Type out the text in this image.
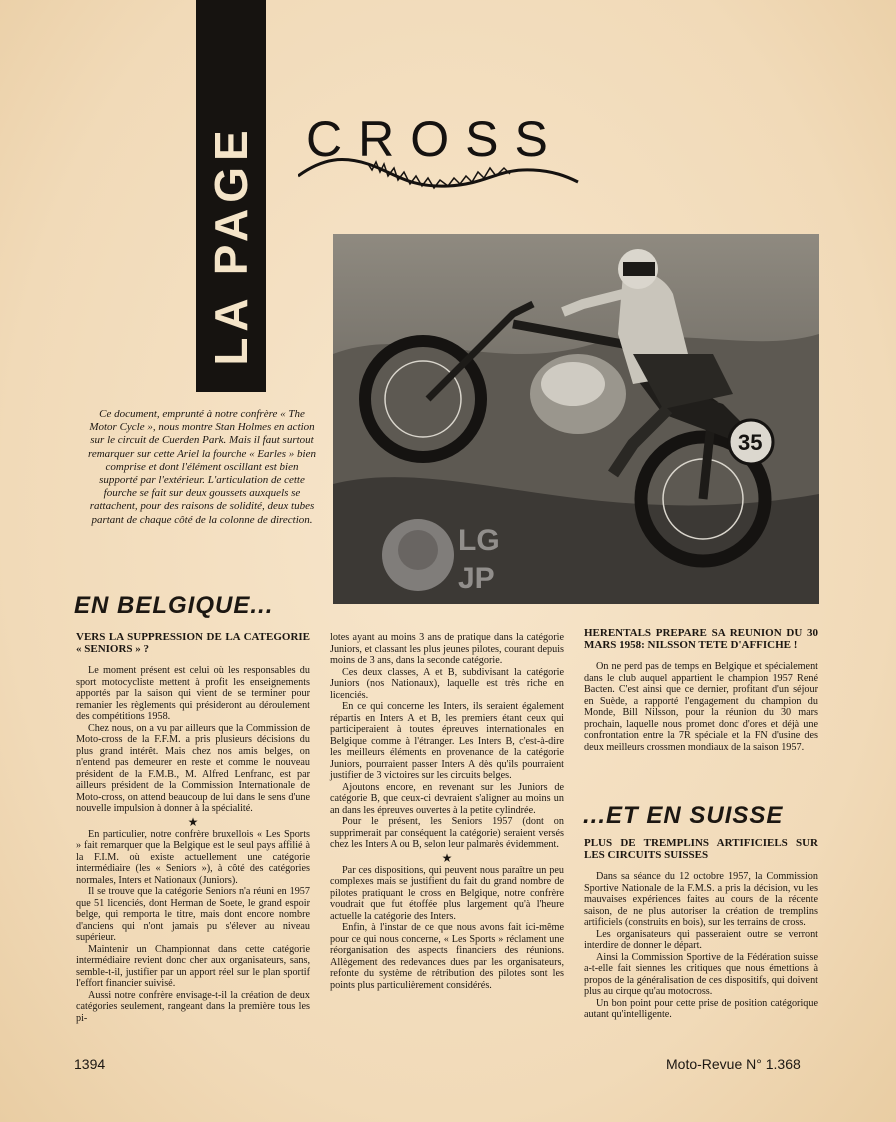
LA PAGE CROSS
35
LG
JP
Ce document, emprunté à notre confrère « The Motor Cycle », nous montre Stan Holmes en action sur le circuit de Cuerden Park. Mais il faut surtout remarquer sur cette Ariel la fourche « Earles » bien comprise et dont l'élément oscillant est bien supporté par l'extérieur. L'articulation de cette fourche se fait sur deux goussets auxquels se rattachent, pour des raisons de solidité, deux tubes partant de chaque côté de la colonne de direction.
EN BELGIQUE...
VERS LA SUPPRESSION DE LA CATEGORIE « SENIORS » ?

Le moment présent est celui où les responsables du sport motocycliste mettent à profit les enseignements apportés par la saison qui vient de se terminer pour remanier les règlements qui présideront au déroulement des compétitions 1958.

Chez nous, on a vu par ailleurs que la Commission de Moto-cross de la F.F.M. a pris plusieurs décisions du plus grand intérêt. Mais chez nos amis belges, on n'entend pas demeurer en reste et comme le nouveau président de la F.M.B., M. Alfred Lenfranc, est par ailleurs président de la Commission Internationale de Moto-cross, on attend beaucoup de lui dans le sens d'une nouvelle impulsion à donner à la spécialité.

★

En particulier, notre confrère bruxellois « Les Sports » fait remarquer que la Belgique est le seul pays affilié à la F.I.M. où existe actuellement une catégorie intermédiaire (les « Seniors »), à côté des catégories normales, Inters et Nationaux (Juniors).

Il se trouve que la catégorie Seniors n'a réuni en 1957 que 51 licenciés, dont Herman de Soete, le grand espoir belge, qui remporta le titre, mais dont encore nombre d'anciens qui n'ont jamais pu s'élever au niveau supérieur.

Maintenir un Championnat dans cette catégorie intermédiaire revient donc cher aux organisateurs, sans, semble-t-il, justifier par un apport réel sur le plan sportif l'effort financier suivisé.

Aussi notre confrère envisage-t-il la création de deux catégories seulement, rangeant dans la première tous les pi-

lotes ayant au moins 3 ans de pratique dans la catégorie Juniors, et classant les plus jeunes pilotes, courant depuis moins de 3 ans, dans la seconde catégorie.

Ces deux classes, A et B, subdivisant la catégorie Juniors (nos Nationaux), laquelle est très riche en licenciés.

En ce qui concerne les Inters, ils seraient également répartis en Inters A et B, les premiers étant ceux qui participeraient à toutes épreuves internationales en Belgique comme à l'étranger. Les Inters B, c'est-à-dire les meilleurs éléments en provenance de la catégorie Juniors, pourraient passer Inters A dès qu'ils pourraient justifier de 3 victoires sur les circuits belges.

Ajoutons encore, en revenant sur les Juniors de catégorie B, que ceux-ci devraient s'aligner au moins un an dans les épreuves ouvertes à la petite cylindrée.

Pour le présent, les Seniors 1957 (dont on supprimerait par conséquent la catégorie) seraient versés chez les Inters A ou B, selon leur palmarès évidemment.

★

Par ces dispositions, qui peuvent nous paraître un peu complexes mais se justifient du fait du grand nombre de pilotes pratiquant le cross en Belgique, notre confrère voudrait que fut étoffée plus largement qu'à l'heure actuelle la catégorie des Inters.

Enfin, à l'instar de ce que nous avons fait ici-même pour ce qui nous concerne, « Les Sports » réclament une réorganisation des aspects financiers des réunions. Allègement des redevances dues par les organisateurs, refonte du système de rétribution des pilotes sont les points plus particulièrement considérés.

HERENTALS PREPARE SA REUNION DU 30 MARS 1958: NILSSON TETE D'AFFICHE !

On ne perd pas de temps en Belgique et spécialement dans le club auquel appartient le champion 1957 René Bacten. C'est ainsi que ce dernier, profitant d'un séjour en Suède, a rapporté l'engagement du champion du Monde, Bill Nilsson, pour la réunion du 30 mars prochain, laquelle nous promet donc d'ores et déjà une confrontation entre la 7R spéciale et la FN d'usine des deux meilleurs crossmen mondiaux de la saison 1957.

...ET EN SUISSE
PLUS DE TREMPLINS ARTIFICIELS SUR LES CIRCUITS SUISSES

Dans sa séance du 12 octobre 1957, la Commission Sportive Nationale de la F.M.S. a pris la décision, vu les mauvaises expériences faites au cours de la récente saison, de ne plus autoriser la création de tremplins artificiels (construits en bois), sur les terrains de cross.

Les organisateurs qui passeraient outre se verront interdire de donner le départ.

Ainsi la Commission Sportive de la Fédération suisse a-t-elle fait siennes les critiques que nous émettions à propos de la généralisation de ces dispositifs, qui doivent plus au cirque qu'au motocross.

Un bon point pour cette prise de position catégorique autant qu'intelligente.

1394	Moto-Revue N° 1.368
